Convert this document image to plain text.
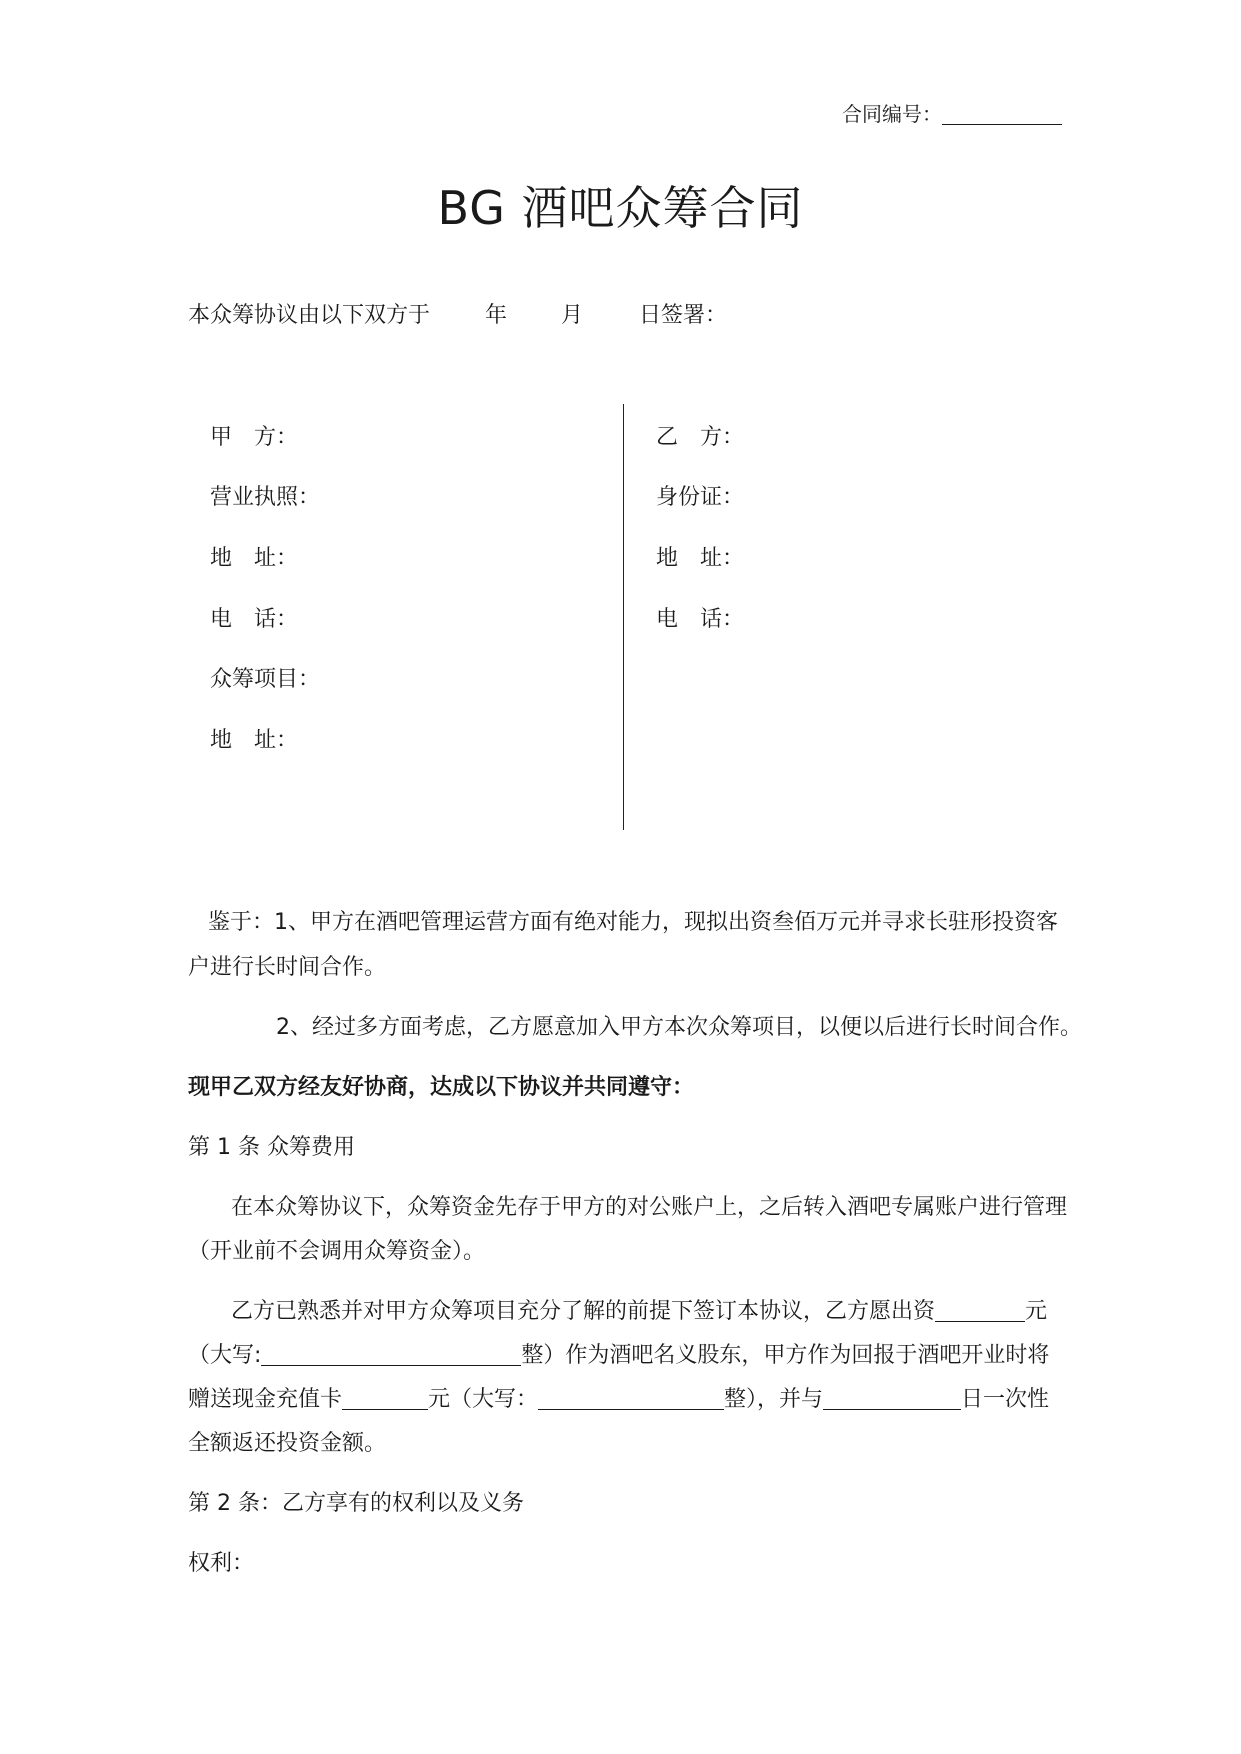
合同编号：
BG 酒吧众筹合同
本众筹协议由以下双方于 年 月	日签署：
甲　方：
营业执照：
地　址：
电　话：
众筹项目：
地　址：
乙　方：
身份证：
地　址：
电　话：
鉴于：1、甲方在酒吧管理运营方面有绝对能力，现拟出资叁佰万元并寻求长驻形投资客
户进行长时间合作。
2、经过多方面考虑，乙方愿意加入甲方本次众筹项目，以便以后进行长时间合作。
现甲乙双方经友好协商，达成以下协议并共同遵守：
第 1 条 众筹费用
在本众筹协议下，众筹资金先存于甲方的对公账户上，之后转入酒吧专属账户进行管理
（开业前不会调用众筹资金）。
乙方已熟悉并对甲方众筹项目充分了解的前提下签订本协议，乙方愿出资	元
（大写:	整）作为酒吧名义股东，甲方作为回报于酒吧开业时将
赠送现金充值卡	元（大写：	整），并与	日一次性
全额返还投资金额。
第 2 条：乙方享有的权利以及义务
权利：
